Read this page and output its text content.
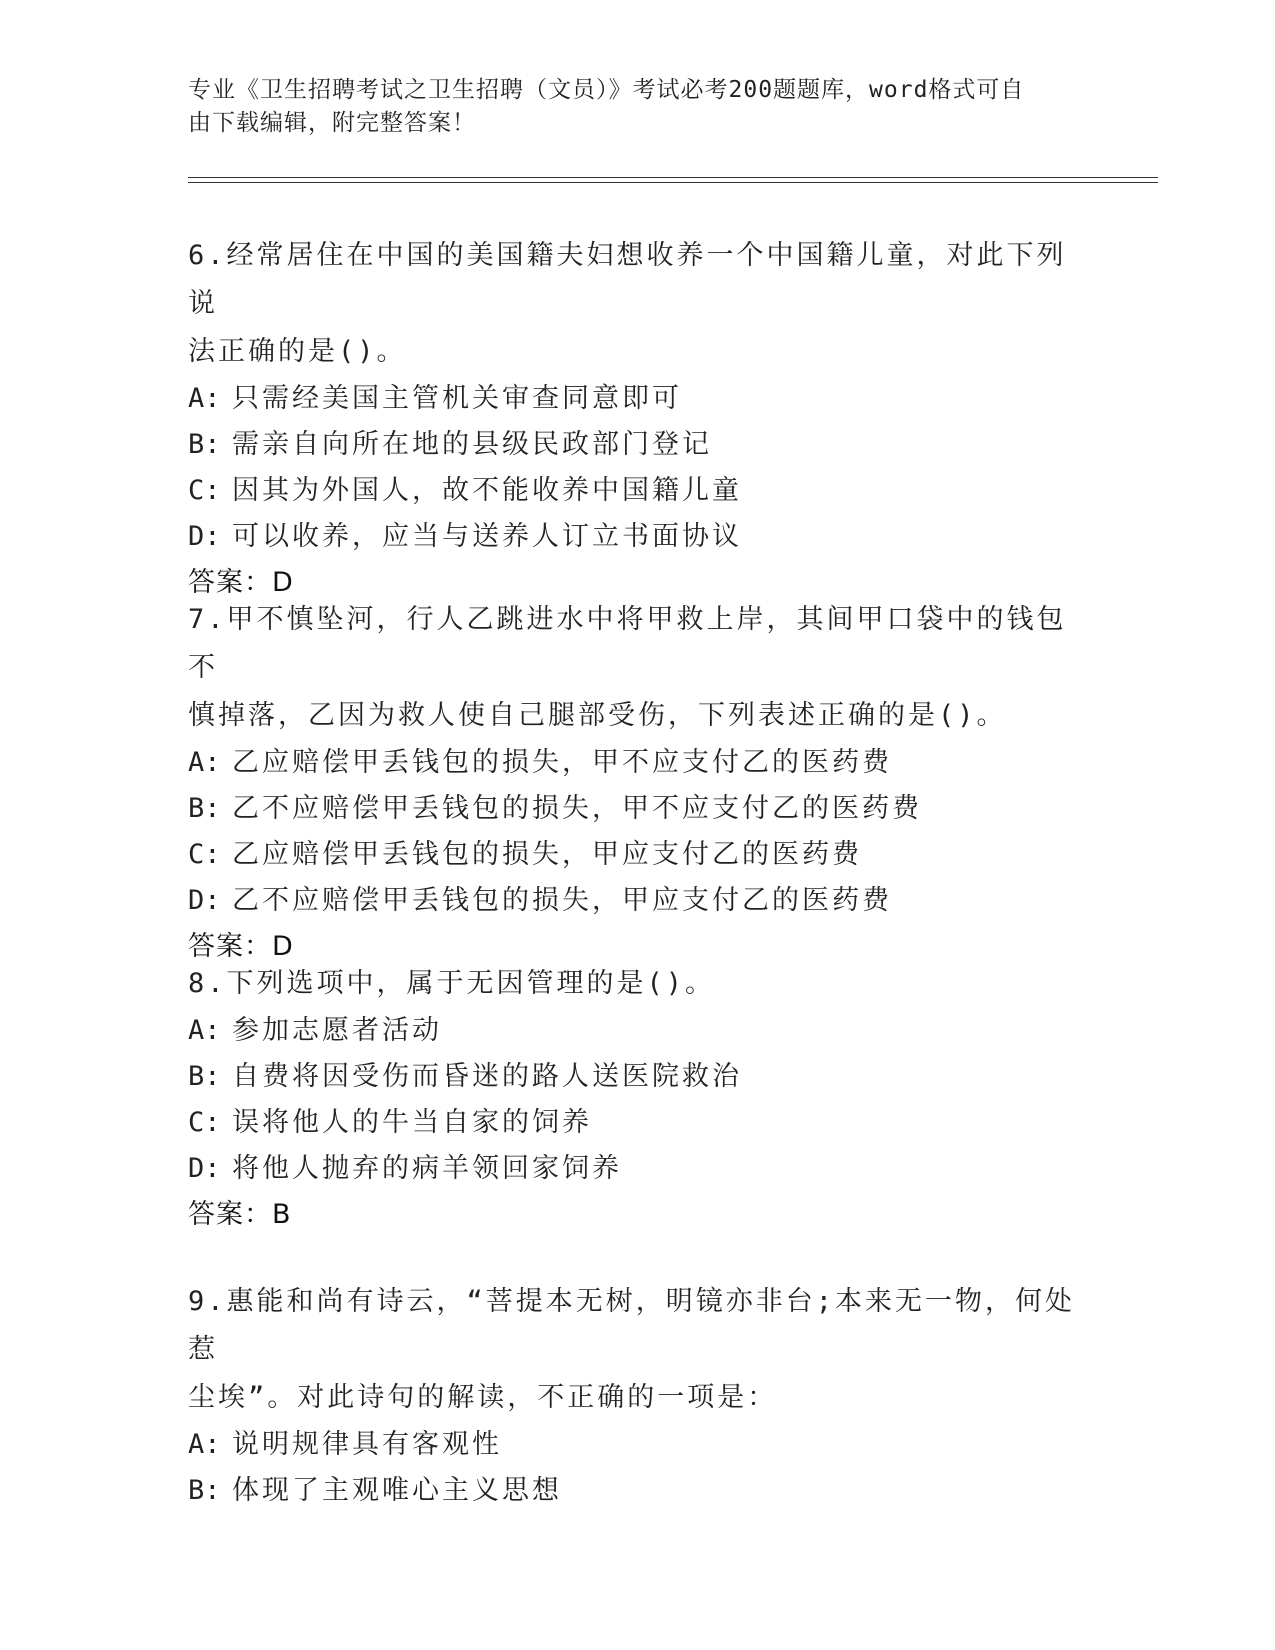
专业《卫生招聘考试之卫生招聘（文员）》考试必考200题题库，word格式可自
由下载编辑，附完整答案！

6.经常居住在中国的美国籍夫妇想收养一个中国籍儿童，对此下列说

法正确的是()。

A: 只需经美国主管机关审查同意即可

B: 需亲自向所在地的县级民政部门登记

C: 因其为外国人，故不能收养中国籍儿童

D: 可以收养，应当与送养人订立书面协议

答案：D

7.甲不慎坠河，行人乙跳进水中将甲救上岸，其间甲口袋中的钱包不

慎掉落，乙因为救人使自己腿部受伤，下列表述正确的是()。

A: 乙应赔偿甲丢钱包的损失，甲不应支付乙的医药费

B: 乙不应赔偿甲丢钱包的损失，甲不应支付乙的医药费

C: 乙应赔偿甲丢钱包的损失，甲应支付乙的医药费

D: 乙不应赔偿甲丢钱包的损失，甲应支付乙的医药费

答案：D

8.下列选项中，属于无因管理的是()。

A: 参加志愿者活动

B: 自费将因受伤而昏迷的路人送医院救治

C: 误将他人的牛当自家的饲养

D: 将他人抛弃的病羊领回家饲养

答案：B

9.惠能和尚有诗云，“菩提本无树，明镜亦非台;本来无一物，何处惹

尘埃”。对此诗句的解读，不正确的一项是：

A: 说明规律具有客观性

B: 体现了主观唯心主义思想
